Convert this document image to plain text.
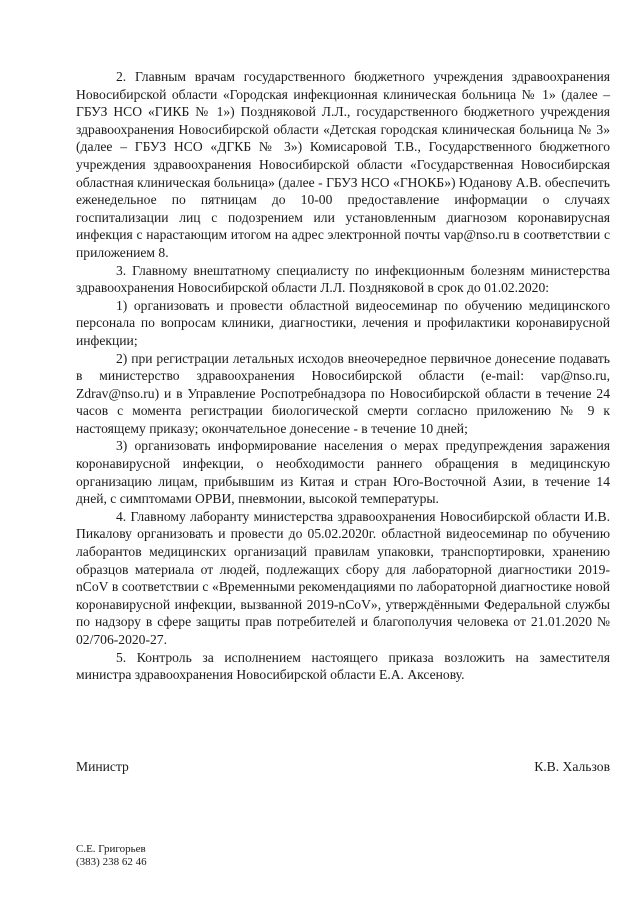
2. Главным врачам государственного бюджетного учреждения здравоохранения Новосибирской области «Городская инфекционная клиническая больница № 1» (далее – ГБУЗ НСО «ГИКБ № 1») Поздняковой Л.Л., государственного бюджетного учреждения здравоохранения Новосибирской области «Детская городская клиническая больница № 3» (далее – ГБУЗ НСО «ДГКБ № 3») Комисаровой Т.В., Государственного бюджетного учреждения здравоохранения Новосибирской области «Государственная Новосибирская областная клиническая больница» (далее - ГБУЗ НСО «ГНОКБ») Юданову А.В. обеспечить еженедельное по пятницам до 10-00 предоставление информации о случаях госпитализации лиц с подозрением или установленным диагнозом коронавирусная инфекция с нарастающим итогом на адрес электронной почты vap@nso.ru в соответствии с приложением 8.

3. Главному внештатному специалисту по инфекционным болезням министерства здравоохранения Новосибирской области Л.Л. Поздняковой в срок до 01.02.2020:

1) организовать и провести областной видеосеминар по обучению медицинского персонала по вопросам клиники, диагностики, лечения и профилактики коронавирусной инфекции;

2) при регистрации летальных исходов внеочередное первичное донесение подавать в министерство здравоохранения Новосибирской области (e-mail: vap@nso.ru, Zdrav@nso.ru) и в Управление Роспотребнадзора по Новосибирской области в течение 24 часов с момента регистрации биологической смерти согласно приложению № 9 к настоящему приказу; окончательное донесение - в течение 10 дней;

3) организовать информирование населения о мерах предупреждения заражения коронавирусной инфекции, о необходимости раннего обращения в медицинскую организацию лицам, прибывшим из Китая и стран Юго-Восточной Азии, в течение 14 дней, с симптомами ОРВИ, пневмонии, высокой температуры.

4. Главному лаборанту министерства здравоохранения Новосибирской области И.В. Пикалову организовать и провести до 05.02.2020г. областной видеосеминар по обучению лаборантов медицинских организаций правилам упаковки, транспортировки, хранению образцов материала от людей, подлежащих сбору для лабораторной диагностики 2019-nCoV в соответствии с «Временными рекомендациями по лабораторной диагностике новой коронавирусной инфекции, вызванной 2019-nCoV», утверждёнными Федеральной службы по надзору в сфере защиты прав потребителей и благополучия человека от 21.01.2020 № 02/706-2020-27.

5. Контроль за исполнением настоящего приказа возложить на заместителя министра здравоохранения Новосибирской области Е.А. Аксенову.

Министр	К.В. Хальзов
С.Е. Григорьев
(383) 238 62 46
